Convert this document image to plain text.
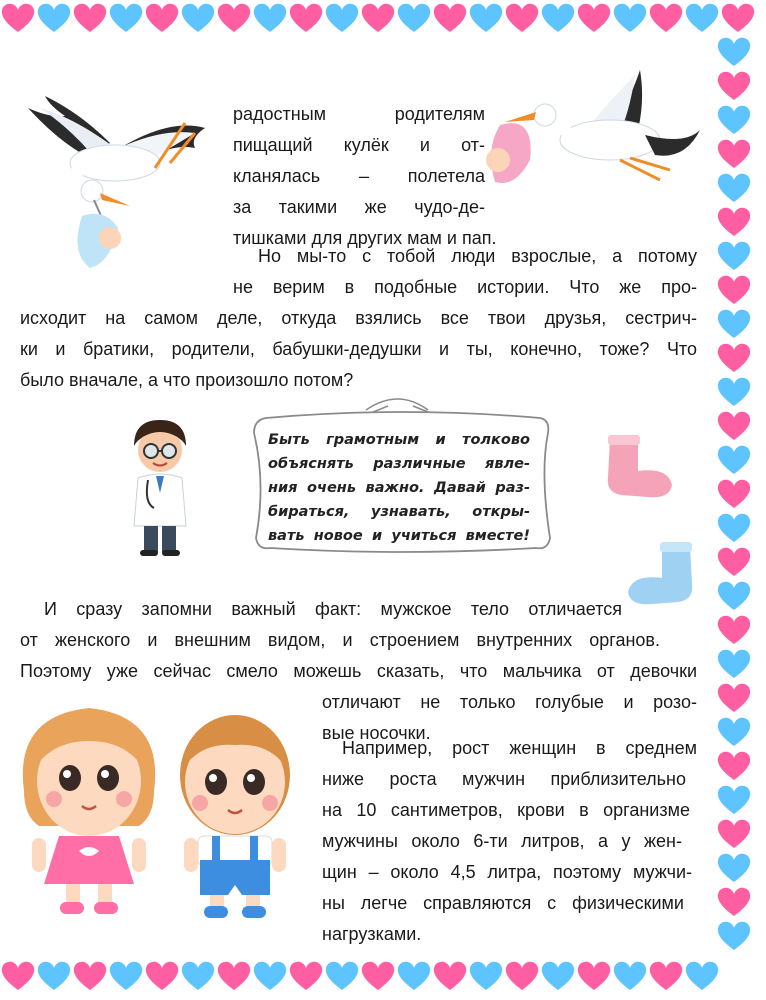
5
радостным родителям
пищащий кулёк и от-
кланялась – полетела
за такими же чудо-де-
тишками для других мам и пап.
Но мы-то с тобой люди взрослые, а потому
не верим в подобные истории. Что же про-
исходит на самом деле, откуда взялись все твои друзья, сестрич-
ки и братики, родители, бабушки-дедушки и ты, конечно, тоже? Что
было вначале, а что произошло потом?
Быть грамотным и толково
объяснять различные явле-
ния очень важно. Давай раз-
бираться, узнавать, откры-
вать новое и учиться вместе!
И сразу запомни важный факт: мужское тело отличается
от женского и внешним видом, и строением внутренних органов.
Поэтому уже сейчас смело можешь сказать, что мальчика от девочки
отличают не только голубые и розо-
вые носочки.
Например, рост женщин в среднем
ниже роста мужчин приблизительно
на 10 сантиметров, крови в организме
мужчины около 6-ти литров, а у жен-
щин – около 4,5 литра, поэтому мужчи-
ны легче справляются с физическими
нагрузками.
